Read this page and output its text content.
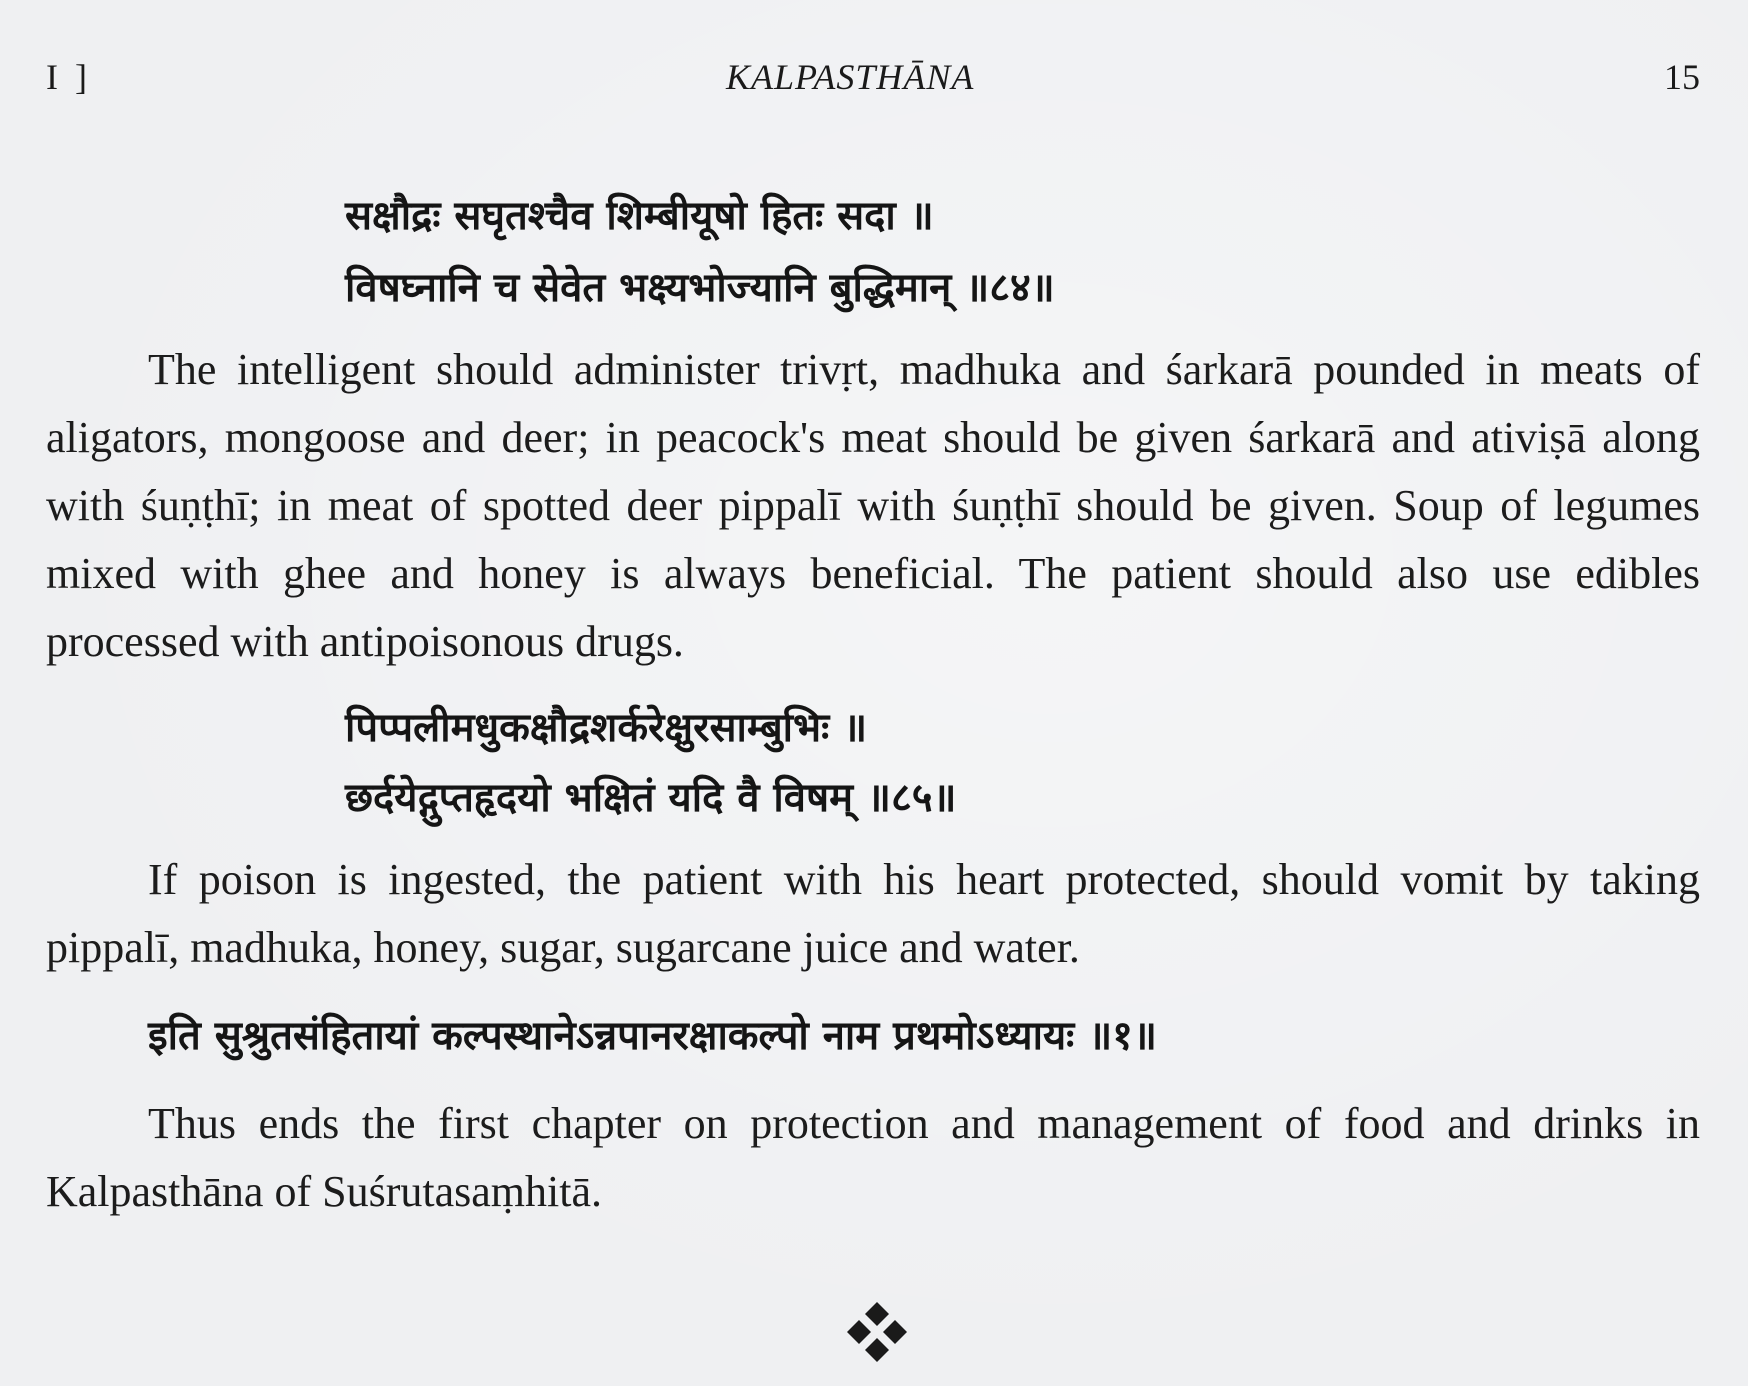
I ]	KALPASTHĀNA	15
सक्षौद्रः सघृतश्चैव शिम्बीयूषो हितः सदा ॥
विषघ्नानि च सेवेत भक्ष्यभोज्यानि बुद्धिमान् ॥८४॥
The intelligent should administer trivṛt, madhuka and śarkarā pounded in meats of aligators, mongoose and deer; in peacock's meat should be given śarkarā and ativiṣā along with śuṇṭhī; in meat of spotted deer pippalī with śuṇṭhī should be given. Soup of legumes mixed with ghee and honey is always beneficial. The patient should also use edibles processed with antipoisonous drugs.
पिप्पलीमधुकक्षौद्रशर्करेक्षुरसाम्बुभिः ॥
छर्दयेद्गुप्तहृदयो भक्षितं यदि वै विषम् ॥८५॥
If poison is ingested, the patient with his heart protected, should vomit by taking pippalī, madhuka, honey, sugar, sugarcane juice and water.
इति सुश्रुतसंहितायां कल्पस्थानेऽन्नपानरक्षाकल्पो नाम प्रथमोऽध्यायः ॥१॥
Thus ends the first chapter on protection and management of food and drinks in Kalpasthāna of Suśrutasaṃhitā.
